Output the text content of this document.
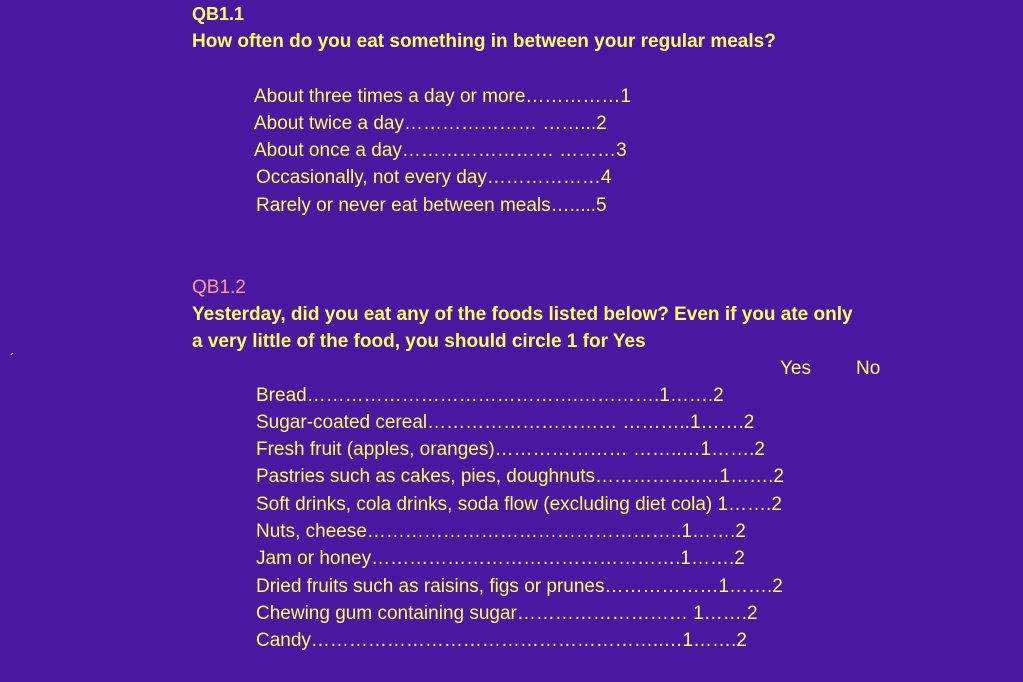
QB1.1
How often do you eat something in between your regular meals?
About three times a day or more……………1
About twice a day………………… ……...2
About once a day…………………… ………3
Occasionally, not every day………………4
Rarely or never eat between meals….....5
QB1.2
Yesterday, did you eat any of the foods listed below? Even if you ate only
a very little of the food, you should circle 1 for Yes
´	Yes No
Bread…………………………………….………….1…….2
Sugar-coated cereal………………………… ………..1…….2
Fresh fruit (apples, oranges)………………… ……..…1…….2
Pastries such as cakes, pies, doughnuts……………..…1…….2
Soft drinks, cola drinks, soda flow (excluding diet cola) 1…….2
Nuts, cheese…………………………………………..1…….2
Jam or honey………………………………………….1…….2
Dried fruits such as raisins, figs or prunes………………1…….2
Chewing gum containing sugar……………………… 1…….2
Candy………………………………………………..…1…….2
